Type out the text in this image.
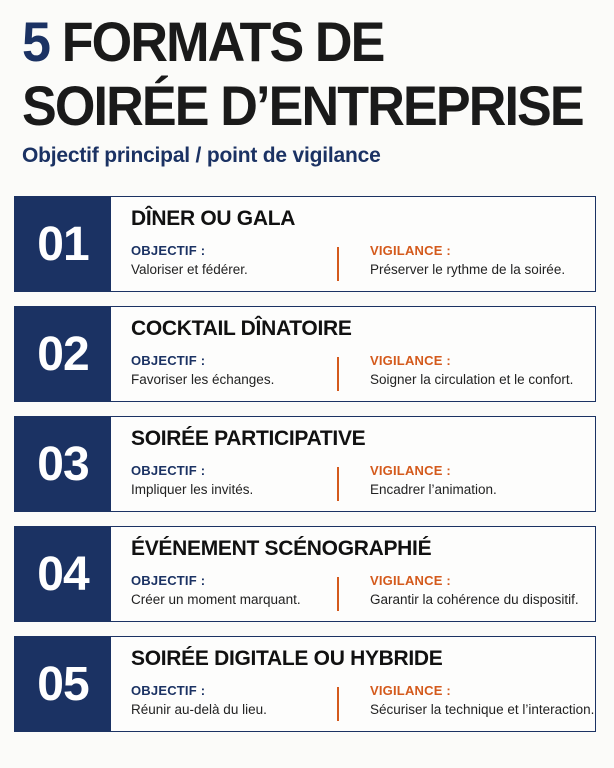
5 FORMATS DE
SOIRÉE D’ENTREPRISE
Objectif principal / point de vigilance
01	DÎNER OU GALA
OBJECTIF :
Valoriser et fédérer.
VIGILANCE :
Préserver le rythme de la soirée.
02	COCKTAIL DÎNATOIRE
OBJECTIF :
Favoriser les échanges.
VIGILANCE :
Soigner la circulation et le confort.
03	SOIRÉE PARTICIPATIVE
OBJECTIF :
Impliquer les invités.
VIGILANCE :
Encadrer l’animation.
04	ÉVÉNEMENT SCÉNOGRAPHIÉ
OBJECTIF :
Créer un moment marquant.
VIGILANCE :
Garantir la cohérence du dispositif.
05	SOIRÉE DIGITALE OU HYBRIDE
OBJECTIF :
Réunir au-delà du lieu.
VIGILANCE :
Sécuriser la technique et l’interaction.
